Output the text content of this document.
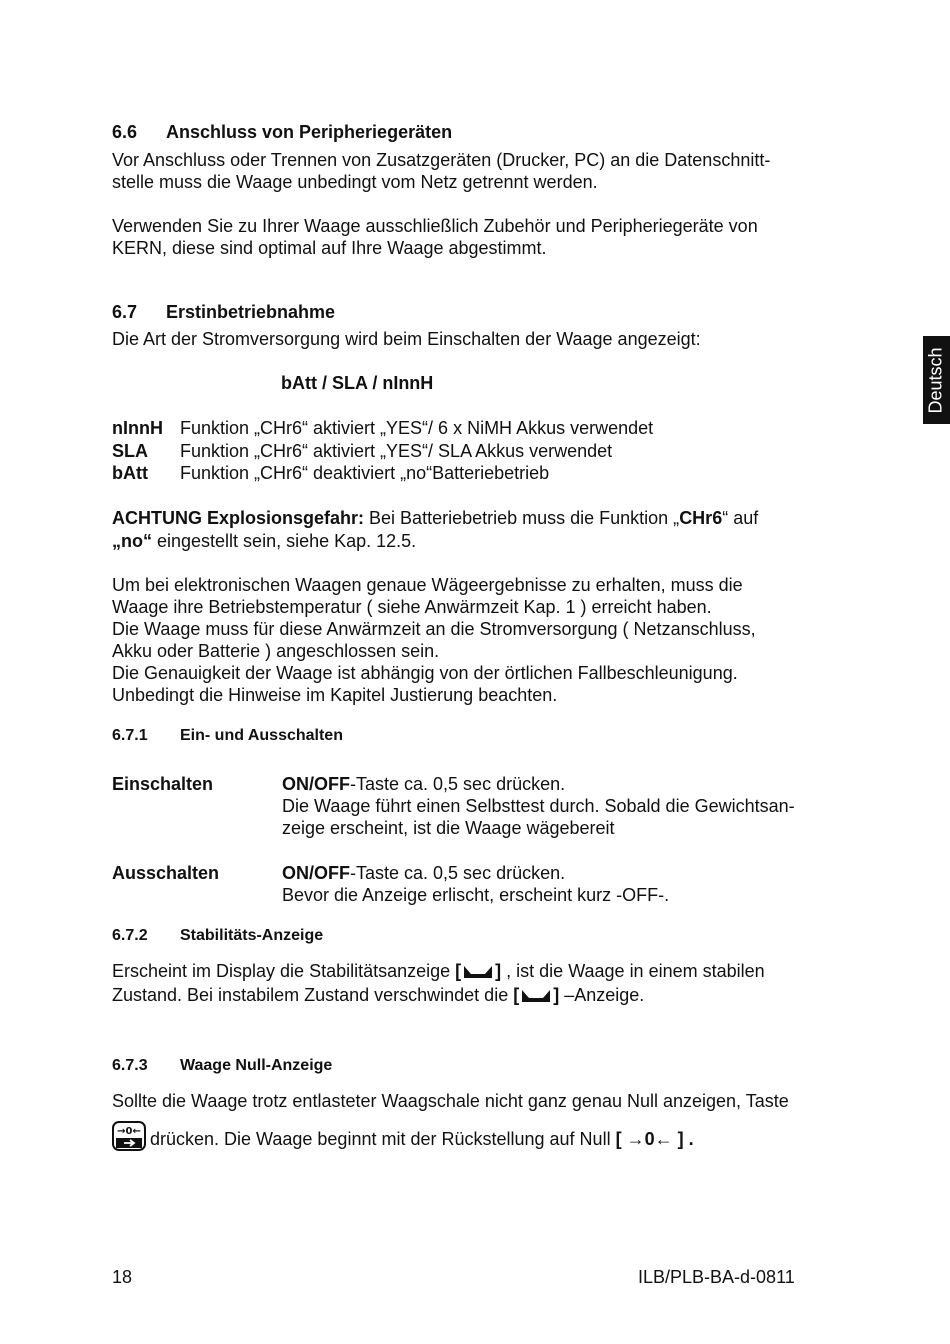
Deutsch
6.6 Anschluss von Peripheriegeräten
Vor Anschluss oder Trennen von Zusatzgeräten (Drucker, PC) an die Datenschnitt-
stelle muss die Waage unbedingt vom Netz getrennt werden.
Verwenden Sie zu Ihrer Waage ausschließlich Zubehör und Peripheriegeräte von
KERN, diese sind optimal auf Ihre Waage abgestimmt.
6.7 Erstinbetriebnahme
Die Art der Stromversorgung wird beim Einschalten der Waage angezeigt:
bAtt / SLA / nInnH
nInnH Funktion „CHr6“ aktiviert „YES“/ 6 x NiMH Akkus verwendet
SLA Funktion „CHr6“ aktiviert „YES“/ SLA Akkus verwendet
bAtt Funktion „CHr6“ deaktiviert „no“Batteriebetrieb
ACHTUNG Explosionsgefahr: Bei Batteriebetrieb muss die Funktion „CHr6“ auf
„no“ eingestellt sein, siehe Kap. 12.5.
Um bei elektronischen Waagen genaue Wägeergebnisse zu erhalten, muss die
Waage ihre Betriebstemperatur ( siehe Anwärmzeit Kap. 1 ) erreicht haben.
Die Waage muss für diese Anwärmzeit an die Stromversorgung ( Netzanschluss,
Akku oder Batterie ) angeschlossen sein.
Die Genauigkeit der Waage ist abhängig von der örtlichen Fallbeschleunigung.
Unbedingt die Hinweise im Kapitel Justierung beachten.
6.7.1 Ein- und Ausschalten
Einschalten	ON/OFF-Taste ca. 0,5 sec drücken.
Die Waage führt einen Selbsttest durch. Sobald die Gewichtsan-
zeige erscheint, ist die Waage wägebereit
Ausschalten	ON/OFF-Taste ca. 0,5 sec drücken.
Bevor die Anzeige erlischt, erscheint kurz -OFF-.
6.7.2 Stabilitäts-Anzeige
Erscheint im Display die Stabilitätsanzeige [ ] , ist die Waage in einem stabilen
Zustand. Bei instabilem Zustand verschwindet die [ ] –Anzeige.
6.7.3 Waage Null-Anzeige
Sollte die Waage trotz entlasteter Waagschale nicht ganz genau Null anzeigen, Taste
→0← drücken. Die Waage beginnt mit der Rückstellung auf Null [ →0← ] .
18	ILB/PLB-BA-d-0811
